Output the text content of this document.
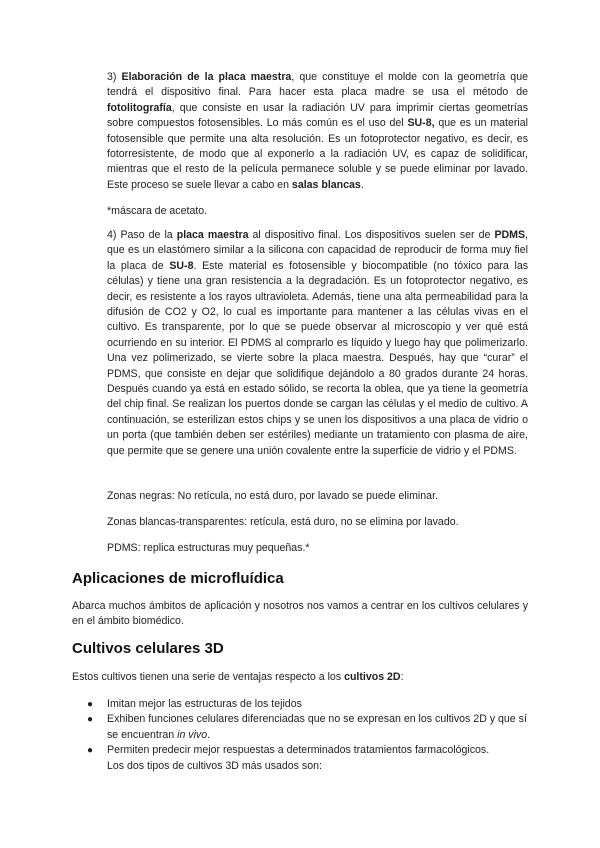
3) Elaboración de la placa maestra, que constituye el molde con la geometría que tendrá el dispositivo final. Para hacer esta placa madre se usa el método de fotolitografía, que consiste en usar la radiación UV para imprimir ciertas geometrías sobre compuestos fotosensibles. Lo más común es el uso del SU-8, que es un material fotosensible que permite una alta resolución. Es un fotoprotector negativo, es decir, es fotorresistente, de modo que al exponerlo a la radiación UV, es capaz de solidificar, mientras que el resto de la película permanece soluble y se puede eliminar por lavado. Este proceso se suele llevar a cabo en salas blancas.

*máscara de acetato.

4) Paso de la placa maestra al dispositivo final. Los dispositivos suelen ser de PDMS, que es un elastómero similar a la silicona con capacidad de reproducir de forma muy fiel la placa de SU-8. Este material es fotosensible y biocompatible (no tóxico para las células) y tiene una gran resistencia a la degradación. Es un fotoprotector negativo, es decir, es resistente a los rayos ultravioleta. Además, tiene una alta permeabilidad para la difusión de CO2 y O2, lo cual es importante para mantener a las células vivas en el cultivo. Es transparente, por lo que se puede observar al microscopio y ver qué está ocurriendo en su interior. El PDMS al comprarlo es líquido y luego hay que polimerizarlo. Una vez polimerizado, se vierte sobre la placa maestra. Después, hay que “curar” el PDMS, que consiste en dejar que solidifique dejándolo a 80 grados durante 24 horas. Después cuando ya está en estado sólido, se recorta la oblea, que ya tiene la geometría del chip final. Se realizan los puertos donde se cargan las células y el medio de cultivo. A continuación, se esterilizan estos chips y se unen los dispositivos a una placa de vidrio o un porta (que también deben ser estériles) mediante un tratamiento con plasma de aire, que permite que se genere una unión covalente entre la superficie de vidrio y el PDMS.

Zonas negras: No retícula, no está duro, por lavado se puede eliminar.

Zonas blancas-transparentes: retícula, está duro, no se elimina por lavado.

PDMS: replica estructuras muy pequeñas.*

Aplicaciones de microfluídica

Abarca muchos ámbitos de aplicación y nosotros nos vamos a centrar en los cultivos celulares y en el ámbito biomédico.

Cultivos celulares 3D

Estos cultivos tienen una serie de ventajas respecto a los cultivos 2D:

● Imitan mejor las estructuras de los tejidos
● Exhiben funciones celulares diferenciadas que no se expresan en los cultivos 2D y que sí se encuentran in vivo.
● Permiten predecir mejor respuestas a determinados tratamientos farmacológicos.
Los dos tipos de cultivos 3D más usados son:
